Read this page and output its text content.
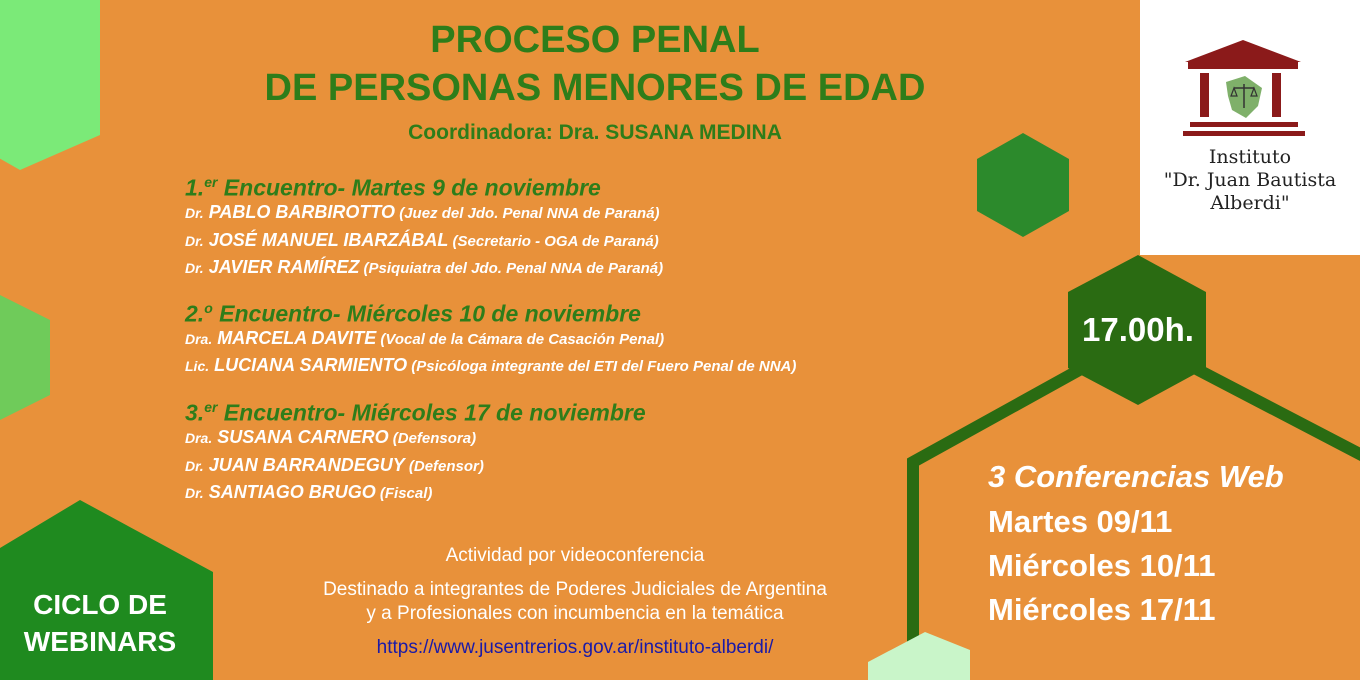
PROCESO PENAL
DE PERSONAS MENORES DE EDAD
Coordinadora: Dra. SUSANA MEDINA
1.$^{er}$ Encuentro- Martes 9 de noviembre
Dr. PABLO BARBIROTTO (Juez del Jdo. Penal NNA de Paraná)
Dr. JOSÉ MANUEL IBARZÁBAL (Secretario - OGA de Paraná)
Dr. JAVIER RAMÍREZ (Psiquiatra del Jdo. Penal NNA de Paraná)
2.$^o$ Encuentro- Miércoles 10 de noviembre
Dra. MARCELA DAVITE (Vocal de la Cámara de Casación Penal)
Lic. LUCIANA SARMIENTO (Psicóloga integrante del ETI del Fuero Penal de NNA)
3.$^{er}$ Encuentro- Miércoles 17 de noviembre
Dra. SUSANA CARNERO (Defensora)
Dr. JUAN BARRANDEGUY (Defensor)
Dr. SANTIAGO BRUGO (Fiscal)
Actividad por videoconferencia
Destinado a integrantes de Poderes Judiciales de Argentina
y a Profesionales con incumbencia en la temática
https://www.jusentrerios.gov.ar/instituto-alberdi/
Instituto
"Dr. Juan Bautista
Alberdi"
17.00h.
3 Conferencias Web
Martes 09/11
Miércoles 10/11
Miércoles 17/11
CICLO DE
WEBINARS
